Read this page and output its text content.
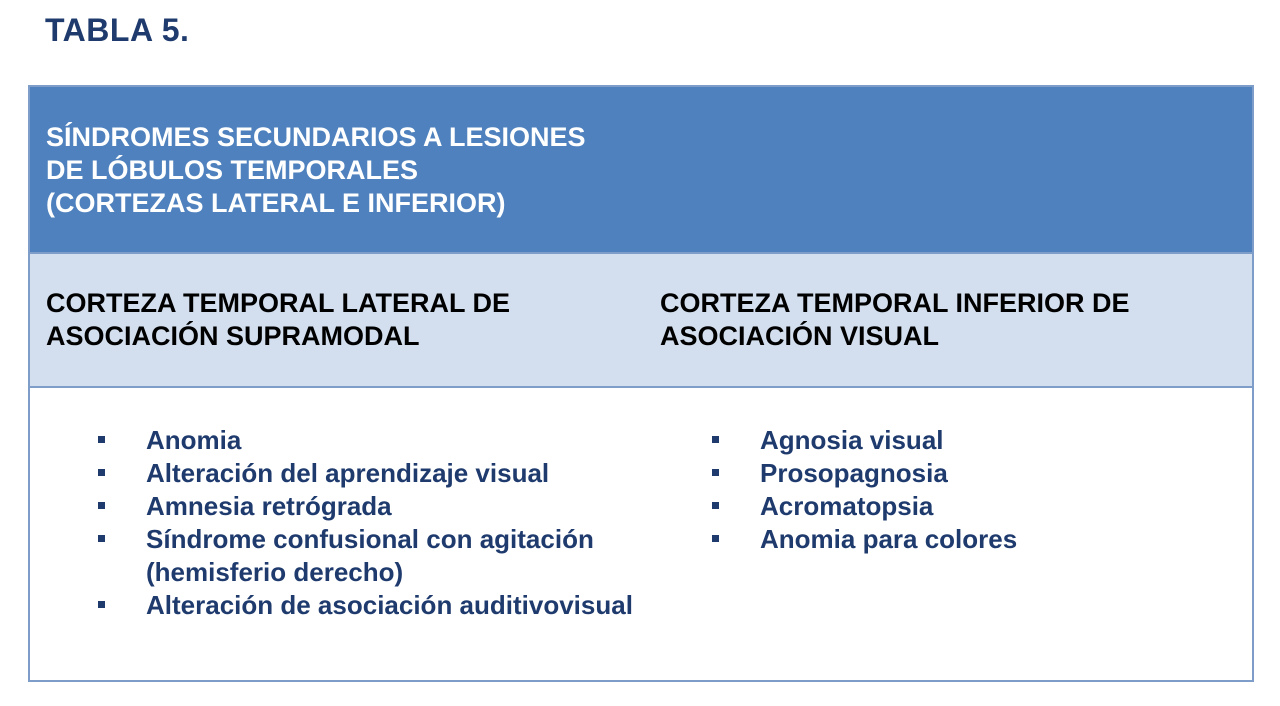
TABLA 5.
SÍNDROMES SECUNDARIOS A LESIONES
DE LÓBULOS TEMPORALES
(CORTEZAS LATERAL E INFERIOR)
CORTEZA TEMPORAL LATERAL DE
ASOCIACIÓN SUPRAMODAL
CORTEZA TEMPORAL INFERIOR DE
ASOCIACIÓN VISUAL
Anomia
Alteración del aprendizaje visual
Amnesia retrógrada
Síndrome confusional con agitación (hemisferio derecho)
Alteración de asociación auditivovisual
Agnosia visual
Prosopagnosia
Acromatopsia
Anomia para colores
